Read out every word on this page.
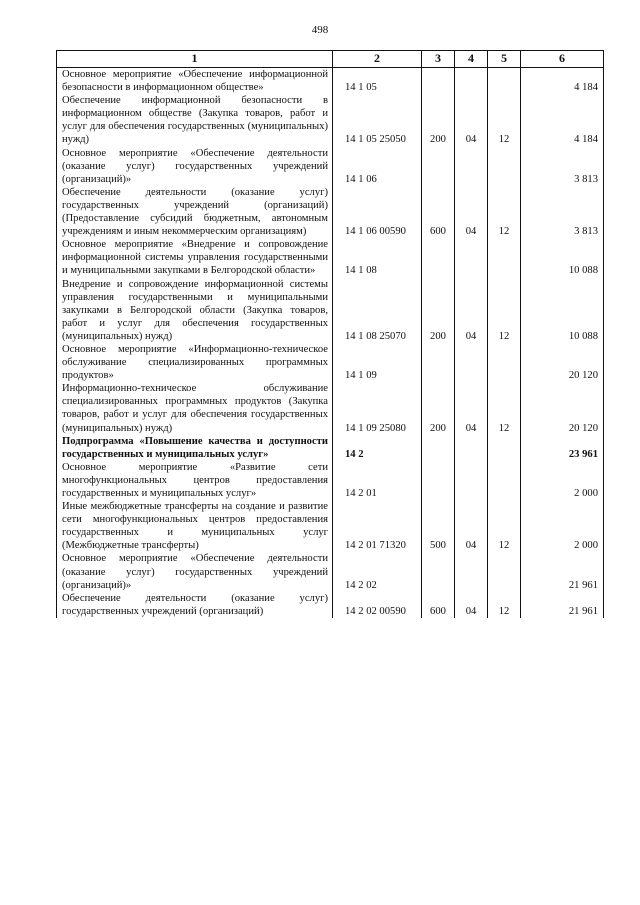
498
1	2	3	4	5	6
Основное мероприятие «Обеспечение информационной безопасности в информационном обществе»	14 1 05				4 184
Обеспечение информационной безопасности в информационном обществе (Закупка товаров, работ и услуг для обеспечения государственных (муниципальных) нужд)	14 1 05 25050	200	04	12	4 184
Основное мероприятие «Обеспечение деятельности (оказание услуг) государственных учреждений (организаций)»	14 1 06				3 813
Обеспечение деятельности (оказание услуг) государственных учреждений (организаций) (Предоставление субсидий бюджетным, автономным учреждениям и иным некоммерческим организациям)	14 1 06 00590	600	04	12	3 813
Основное мероприятие «Внедрение и сопровождение информационной системы управления государственными и муниципальными закупками в Белгородской области»	14 1 08				10 088
Внедрение и сопровождение информационной системы управления государственными и муниципальными закупками в Белгородской области (Закупка товаров, работ и услуг для обеспечения государственных (муниципальных) нужд)	14 1 08 25070	200	04	12	10 088
Основное мероприятие «Информационно-техническое обслуживание специализированных программных продуктов»	14 1 09				20 120
Информационно-техническое обслуживание специализированных программных продуктов (Закупка товаров, работ и услуг для обеспечения государственных (муниципальных) нужд)	14 1 09 25080	200	04	12	20 120
Подпрограмма «Повышение качества и доступности государственных и муниципальных услуг»	14 2				23 961
Основное мероприятие «Развитие сети многофункциональных центров предоставления государственных и муниципальных услуг»	14 2 01				2 000
Иные межбюджетные трансферты на создание и развитие сети многофункциональных центров предоставления государственных и муниципальных услуг (Межбюджетные трансферты)	14 2 01 71320	500	04	12	2 000
Основное мероприятие «Обеспечение деятельности (оказание услуг) государственных учреждений (организаций)»	14 2 02				21 961
Обеспечение деятельности (оказание услуг) государственных учреждений (организаций)	14 2 02 00590	600	04	12	21 961
